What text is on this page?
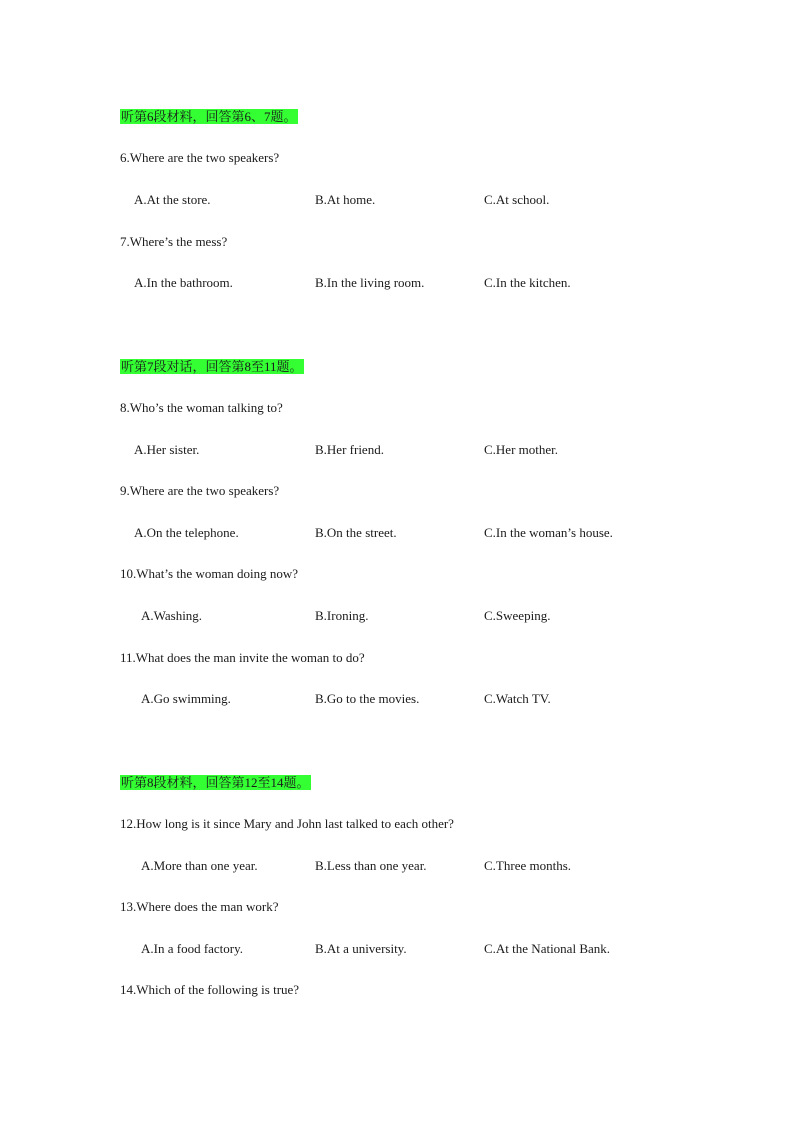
听第6段材料，回答第6、7题。
6.Where are the two speakers?
A.At the store.	B.At home.	C.At school.
7.Where’s the mess?
A.In the bathroom.	B.In the living room.	C.In the kitchen.
听第7段对话，回答第8至11题。
8.Who’s the woman talking to?
A.Her sister.	B.Her friend.	C.Her mother.
9.Where are the two speakers?
A.On the telephone.	B.On the street.	C.In the woman’s house.
10.What’s the woman doing now?
A.Washing.	B.Ironing.	C.Sweeping.
11.What does the man invite the woman to do?
A.Go swimming.	B.Go to the movies.	C.Watch TV.
听第8段材料，回答第12至14题。
12.How long is it since Mary and John last talked to each other?
A.More than one year.	B.Less than one year.	C.Three months.
13.Where does the man work?
A.In a food factory.	B.At a university.	C.At the National Bank.
14.Which of the following is true?
